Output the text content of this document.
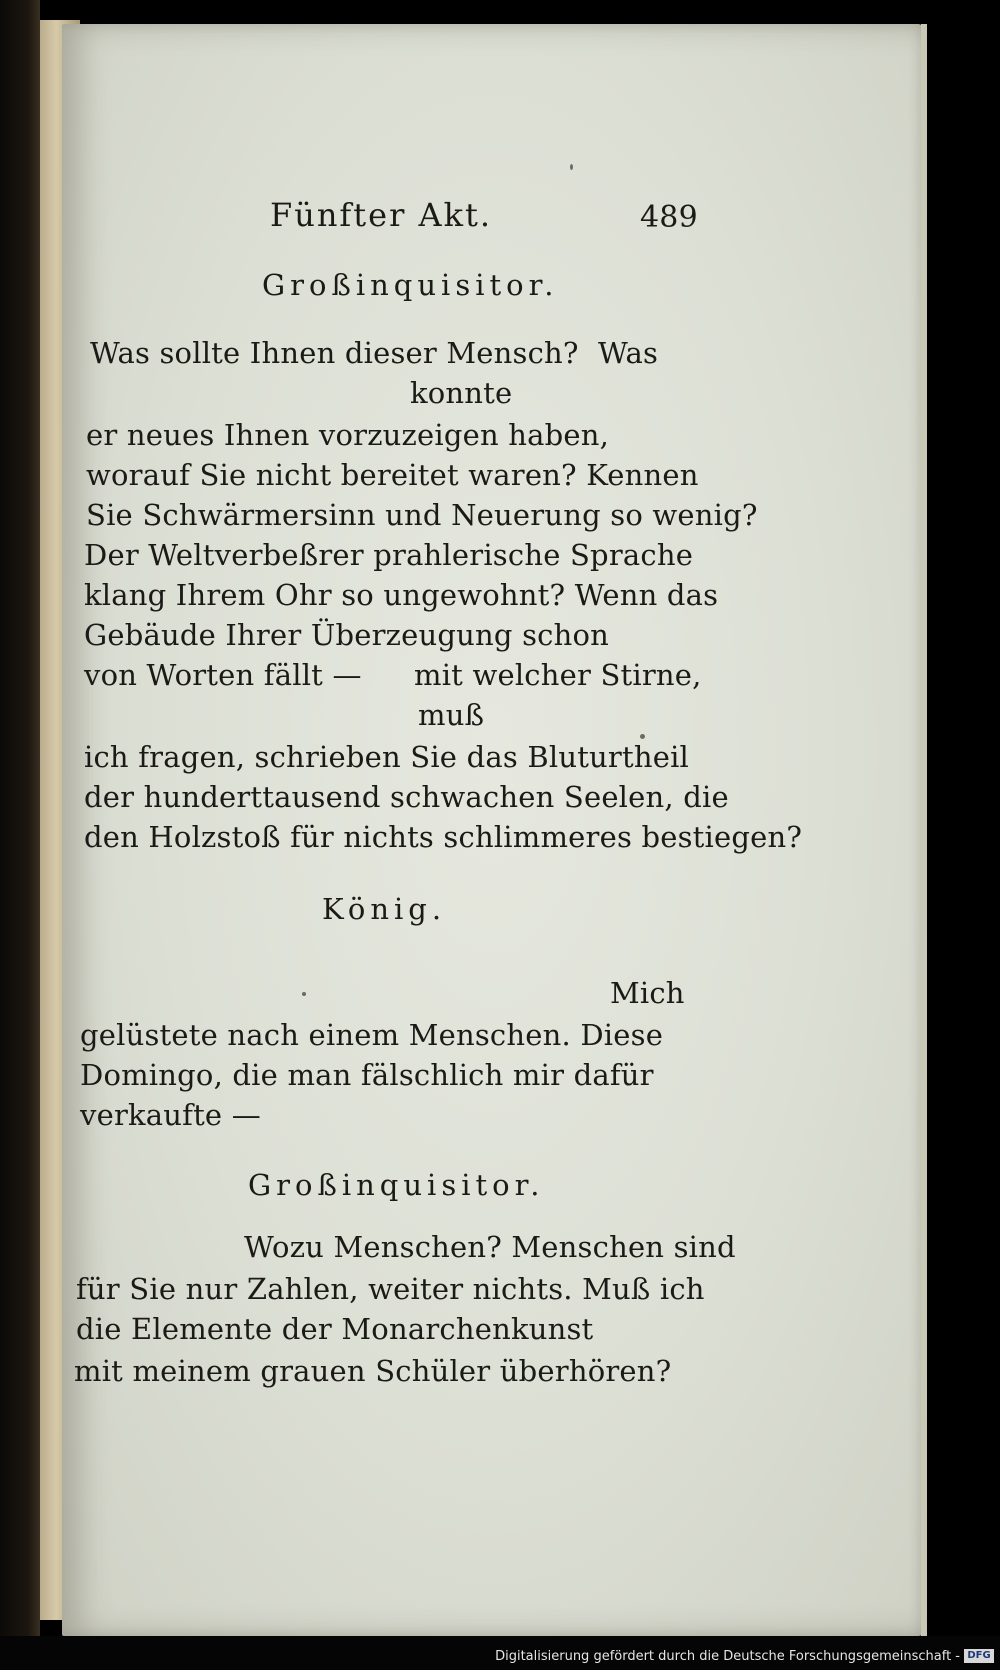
Fünfter Akt.	489
Großinquisitor.
Was sollte Ihnen dieser Mensch? Was
konnte
er neues Ihnen vorzuzeigen haben,
worauf Sie nicht bereitet waren? Kennen
Sie Schwärmersinn und Neuerung so wenig?
Der Weltverbeßrer prahlerische Sprache
klang Ihrem Ohr so ungewohnt? Wenn das
Gebäude Ihrer Überzeugung schon
von Worten fällt — mit welcher Stirne,
muß
ich fragen, schrieben Sie das Bluturtheil
der hunderttausend schwachen Seelen, die
den Holzstoß für nichts schlimmeres bestiegen?
König.
Mich
gelüstete nach einem Menschen. Diese
Domingo, die man fälschlich mir dafür
verkaufte —
Großinquisitor.
Wozu Menschen? Menschen sind
für Sie nur Zahlen, weiter nichts. Muß ich
die Elemente der Monarchenkunst
mit meinem grauen Schüler überhören?
Digitalisierung gefördert durch die Deutsche Forschungsgemeinschaft - DFG
